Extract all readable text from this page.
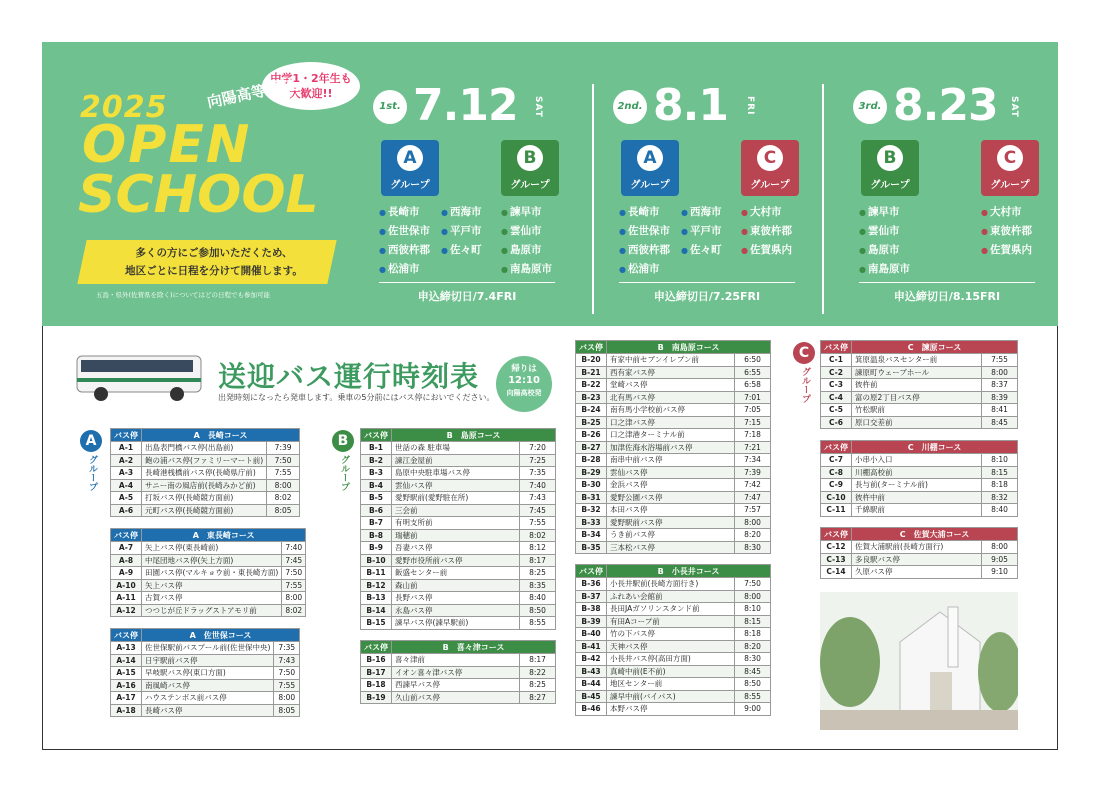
中学1・2年生も
大歓迎!!
向陽高等学校
2025
OPEN
SCHOOL
多くの方にご参加いただくため、
地区ごとに日程を分けて開催します。
五島・県外(佐賀県を除く)についてはどの日程でも参加可能
1st. 7.12 SAT
A
グループ
● 長崎市
● 佐世保市
● 西彼杵郡
● 松浦市
● 西海市
● 平戸市
● 佐々町
B
グループ
● 諫早市
● 雲仙市
● 島原市
● 南島原市
申込締切日/7.4FRI
2nd. 8.1 FRI
A
グループ
● 長崎市
● 佐世保市
● 西彼杵郡
● 松浦市
● 西海市
● 平戸市
● 佐々町
C
グループ
● 大村市
● 東彼杵郡
● 佐賀県内
申込締切日/7.25FRI
3rd. 8.23 SAT
B
グループ
● 諫早市
● 雲仙市
● 島原市
● 南島原市
C
グループ
● 大村市
● 東彼杵郡
● 佐賀県内
申込締切日/8.15FRI
送迎バス運行時刻表
出発時刻になったら発車します。乗車の5分前にはバス停においでください。
帰りは
12:10
向陽高校発
A
グループ
B
グループ
C
グループ
バス停	A　長崎コース	
A-1	出島表門橋バス停(出島前)	7:39
A-2	飽の浦バス停(ファミリーマート前)	7:50
A-3	長崎港桟橋前バス停(長崎県庁前)	7:55
A-4	サニー南の風店前(長崎みかど前)	8:00
A-5	打坂バス停(長崎競方面前)	8:02
A-6	元町バス停(長崎競方面前)	8:05
バス停	A　東長崎コース	
A-7	矢上バス停(東長崎前)	7:40
A-8	中尾団地バス停(矢上方面)	7:45
A-9	田園バス停(マルキョウ前・東長崎方面)	7:50
A-10	矢上バス停	7:55
A-11	古賀バス停	8:00
A-12	つつじが丘ドラッグストアモリ前	8:02
バス停	A　佐世保コース	
A-13	佐世保駅前バスプール前(佐世保中央)	7:35
A-14	日宇駅前バス停	7:43
A-15	早岐駅バス停(東口方面)	7:50
A-16	南風崎バス停	7:55
A-17	ハウステンボス前バス停	8:00
A-18	長崎バス停	8:05
バス停	B　島原コース	
B-1	世話の森 駐車場	7:20
B-2	諫江金屋前	7:25
B-3	島原中央駐車場バス停	7:35
B-4	雲仙バス停	7:40
B-5	愛野駅前(愛野駐在所)	7:43
B-6	三会前	7:45
B-7	有明支所前	7:55
B-8	瑞穂前	8:02
B-9	吾妻バス停	8:12
B-10	愛野市役所前バス停	8:17
B-11	飯盛センター前	8:25
B-12	森山前	8:35
B-13	長野バス停	8:40
B-14	永島バス停	8:50
B-15	諫早バス停(諫早駅前)	8:55
バス停	B　喜々津コース	
B-16	喜々津前	8:17
B-17	イオン喜々津バス停	8:22
B-18	西諫早バス停	8:25
B-19	久山前バス停	8:27
バス停	B　南島原コース	
B-20	有家中前セブンイレブン前	6:50
B-21	西有家バス停	6:55
B-22	堂崎バス停	6:58
B-23	北有馬バス停	7:01
B-24	南有馬小学校前バス停	7:05
B-25	口之津バス停	7:15
B-26	口之津港ターミナル前	7:18
B-27	加津佐海水浴場前バス停	7:21
B-28	南串中前バス停	7:34
B-29	雲仙バス停	7:39
B-30	金浜バス停	7:42
B-31	愛野公園バス停	7:47
B-32	本田バス停	7:57
B-33	愛野駅前バス停	8:00
B-34	うき前バス停	8:20
B-35	三本松バス停	8:30
バス停	B　小長井コース	
B-36	小長井駅前(長崎方面行き)	7:50
B-37	ふれあい会館前	8:00
B-38	長田JAガソリンスタンド前	8:10
B-39	有田Aコープ前	8:15
B-40	竹の下バス停	8:18
B-41	天神バス停	8:20
B-42	小長井バス停(高田方面)	8:30
B-43	真崎中前(E不前)	8:45
B-44	地区センター前	8:50
B-45	諫早中前(バイパス)	8:55
B-46	本野バス停	9:00
バス停	C　諫原コース	
C-1	箕原温泉バスセンター前	7:55
C-2	諫原町ウェーブホール	8:00
C-3	彼杵前	8:37
C-4	富の原2丁目バス停	8:39
C-5	竹松駅前	8:41
C-6	原口交差前	8:45
バス停	C　川棚コース	
C-7	小串小入口	8:10
C-8	川棚高校前	8:15
C-9	長与前(ターミナル前)	8:18
C-10	彼杵中前	8:32
C-11	千綿駅前	8:40
バス停	C　佐賀大浦コース	
C-12	佐賀大浦駅前(長崎方面行)	8:00
C-13	多良駅バス停	9:05
C-14	久原バス停	9:10
